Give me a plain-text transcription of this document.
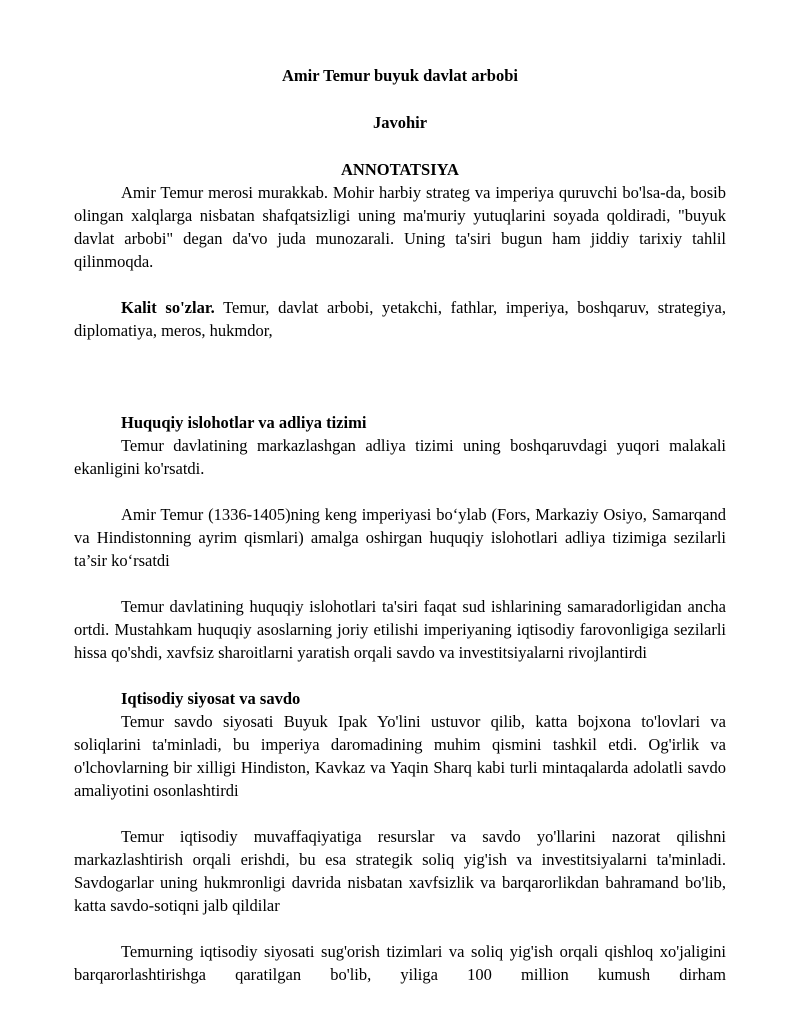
Amir Temur buyuk davlat arbobi
Javohir
ANNOTATSIYA

Amir Temur merosi murakkab. Mohir harbiy strateg va imperiya quruvchi bo'lsa-da, bosib olingan xalqlarga nisbatan shafqatsizligi uning ma'muriy yutuqlarini soyada qoldiradi, "buyuk davlat arbobi" degan da'vo juda munozarali. Uning ta'siri bugun ham jiddiy tarixiy tahlil qilinmoqda.

Kalit so'zlar. Temur, davlat arbobi, yetakchi, fathlar, imperiya, boshqaruv, strategiya, diplomatiya, meros, hukmdor,

Huquqiy islohotlar va adliya tizimi

Temur davlatining markazlashgan adliya tizimi uning boshqaruvdagi yuqori malakali ekanligini ko'rsatdi.

Amir Temur (1336-1405)ning keng imperiyasi bo‘ylab (Fors, Markaziy Osiyo, Samarqand va Hindistonning ayrim qismlari) amalga oshirgan huquqiy islohotlari adliya tizimiga sezilarli ta’sir ko‘rsatdi

Temur davlatining huquqiy islohotlari ta'siri faqat sud ishlarining samaradorligidan ancha ortdi. Mustahkam huquqiy asoslarning joriy etilishi imperiyaning iqtisodiy farovonligiga sezilarli hissa qo'shdi, xavfsiz sharoitlarni yaratish orqali savdo va investitsiyalarni rivojlantirdi

Iqtisodiy siyosat va savdo

Temur savdo siyosati Buyuk Ipak Yo'lini ustuvor qilib, katta bojxona to'lovlari va soliqlarini ta'minladi, bu imperiya daromadining muhim qismini tashkil etdi. Og'irlik va o'lchovlarning bir xilligi Hindiston, Kavkaz va Yaqin Sharq kabi turli mintaqalarda adolatli savdo amaliyotini osonlashtirdi

Temur iqtisodiy muvaffaqiyatiga resurslar va savdo yo'llarini nazorat qilishni markazlashtirish orqali erishdi, bu esa strategik soliq yig'ish va investitsiyalarni ta'minladi. Savdogarlar uning hukmronligi davrida nisbatan xavfsizlik va barqarorlikdan bahramand bo'lib, katta savdo-sotiqni jalb qildilar

Temurning iqtisodiy siyosati sug'orish tizimlari va soliq yig'ish orqali qishloq xo'jaligini barqarorlashtirishga qaratilgan bo'lib, yiliga 100 million kumush dirham
